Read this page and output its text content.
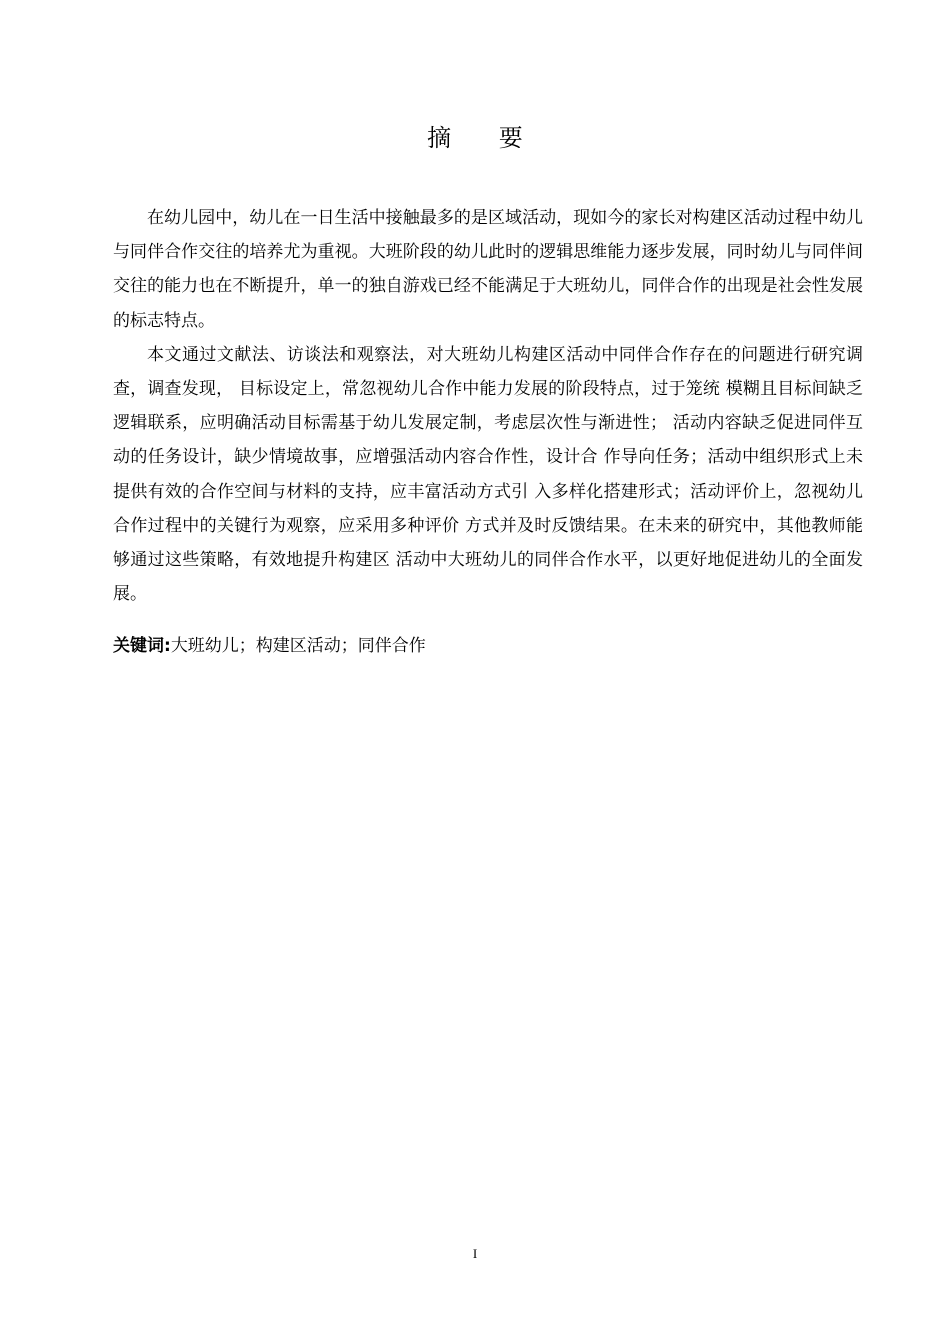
摘 要

在幼儿园中，幼儿在一日生活中接触最多的是区域活动，现如今的家长对构建区活动过程中幼儿与同伴合作交往的培养尤为重视。大班阶段的幼儿此时的逻辑思维能力逐步发展，同时幼儿与同伴间交往的能力也在不断提升，单一的独自游戏已经不能满足于大班幼儿，同伴合作的出现是社会性发展的标志特点。

本文通过文献法、访谈法和观察法，对大班幼儿构建区活动中同伴合作存在的问题进行研究调查，调查发现， 目标设定上，常忽视幼儿合作中能力发展的阶段特点，过于笼统 模糊且目标间缺乏逻辑联系，应明确活动目标需基于幼儿发展定制，考虑层次性与渐进性； 活动内容缺乏促进同伴互动的任务设计，缺少情境故事，应增强活动内容合作性，设计合 作导向任务；活动中组织形式上未提供有效的合作空间与材料的支持，应丰富活动方式引 入多样化搭建形式；活动评价上，忽视幼儿合作过程中的关键行为观察，应采用多种评价 方式并及时反馈结果。在未来的研究中，其他教师能够通过这些策略，有效地提升构建区 活动中大班幼儿的同伴合作水平，以更好地促进幼儿的全面发展。

关键词:大班幼儿；构建区活动；同伴合作
I
